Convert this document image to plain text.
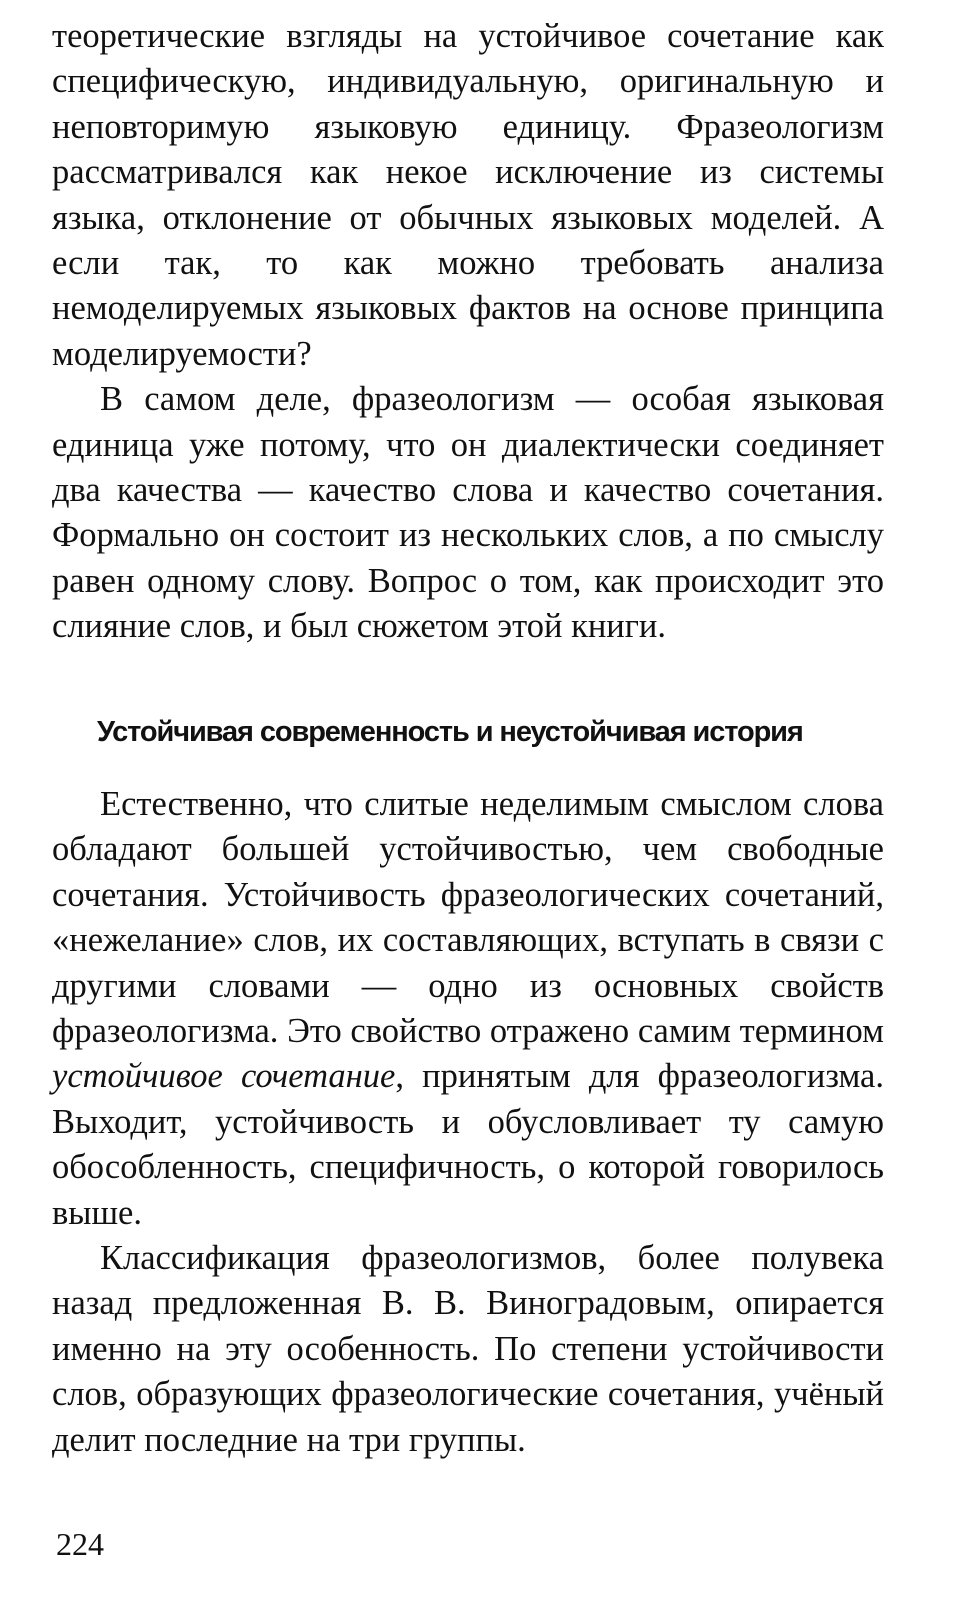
теоретические взгляды на устойчивое сочетание как специфическую, индивидуальную, оригинальную и неповторимую языковую единицу. Фразеологизм рассматривался как некое исключение из системы языка, отклонение от обычных языковых моделей. А если так, то как можно требовать анализа немоделируемых языковых фактов на основе принципа моделируемости?
В самом деле, фразеологизм — особая языковая единица уже потому, что он диалектически соединяет два качества — качество слова и качество сочетания. Формально он состоит из нескольких слов, а по смыслу равен одному слову. Вопрос о том, как происходит это слияние слов, и был сюжетом этой книги.
Устойчивая современность и неустойчивая история
Естественно, что слитые неделимым смыслом слова обладают большей устойчивостью, чем свободные сочетания. Устойчивость фразеологических сочетаний, «нежелание» слов, их составляющих, вступать в связи с другими словами — одно из основных свойств фразеологизма. Это свойство отражено самим термином устойчивое сочетание, принятым для фразеологизма. Выходит, устойчивость и обусловливает ту самую обособленность, специфичность, о которой говорилось выше.
Классификация фразеологизмов, более полувека назад предложенная В. В. Виноградовым, опирается именно на эту особенность. По степени устойчивости слов, образующих фразеологические сочетания, учёный делит последние на три группы.
224
